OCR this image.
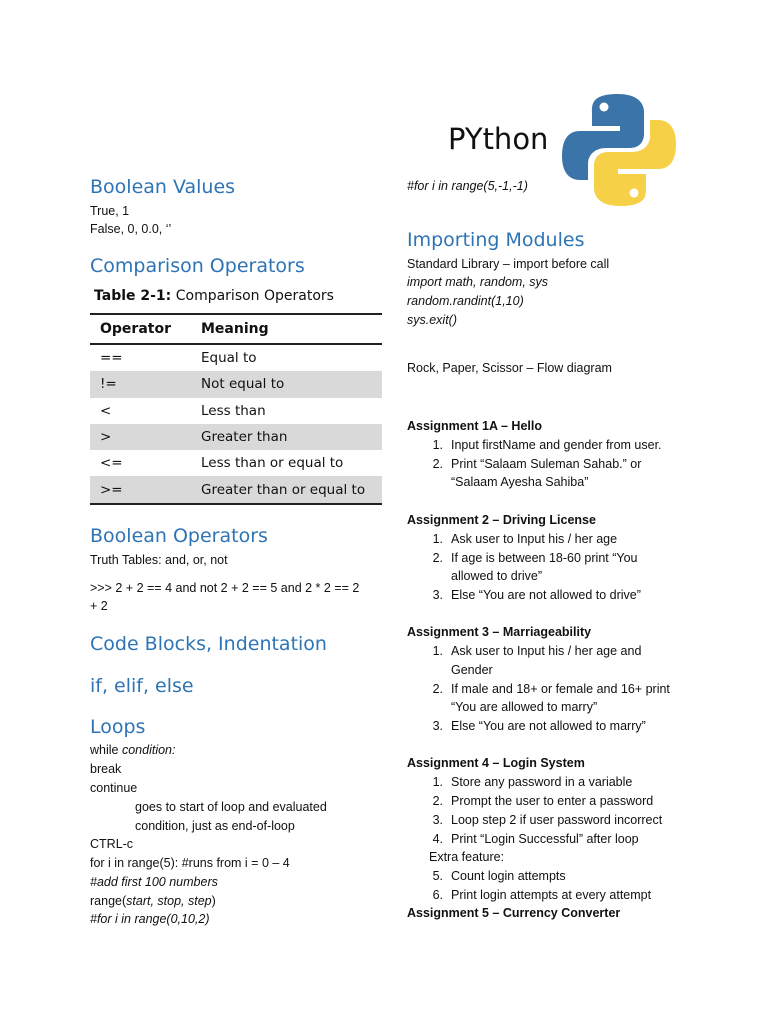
PYthon
Boolean Values
True, 1
False, 0, 0.0, ‘’
Comparison Operators
Table 2-1: Comparison Operators
Operator Meaning
==	Equal to
!=	Not equal to
<	Less than
>	Greater than
<=	Less than or equal to
>=	Greater than or equal to
Boolean Operators
Truth Tables: and, or, not
>>> 2 + 2 == 4 and not 2 + 2 == 5 and 2 * 2 == 2
+ 2
Code Blocks, Indentation
if, elif, else
Loops
while condition:
break
continue
goes to start of loop and evaluated
condition, just as end-of-loop
CTRL-c
for i in range(5): #runs from i = 0 – 4
#add first 100 numbers
range(start, stop, step)
#for i in range(0,10,2)
#for i in range(5,-1,-1)
Importing Modules
Standard Library – import before call
import math, random, sys
random.randint(1,10)
sys.exit()
Rock, Paper, Scissor – Flow diagram
Assignment 1A – Hello
1. Input firstName and gender from user.
2. Print “Salaam Suleman Sahab.” or
“Salaam Ayesha Sahiba”
Assignment 2 – Driving License
1. Ask user to Input his / her age
2. If age is between 18-60 print “You
allowed to drive”
3. Else “You are not allowed to drive”
Assignment 3 – Marriageability
1. Ask user to Input his / her age and
Gender
2. If male and 18+ or female and 16+ print
“You are allowed to marry”
3. Else “You are not allowed to marry”
Assignment 4 – Login System
1. Store any password in a variable
2. Prompt the user to enter a password
3. Loop step 2 if user password incorrect
4. Print “Login Successful” after loop
Extra feature:
5. Count login attempts
6. Print login attempts at every attempt
Assignment 5 – Currency Converter
